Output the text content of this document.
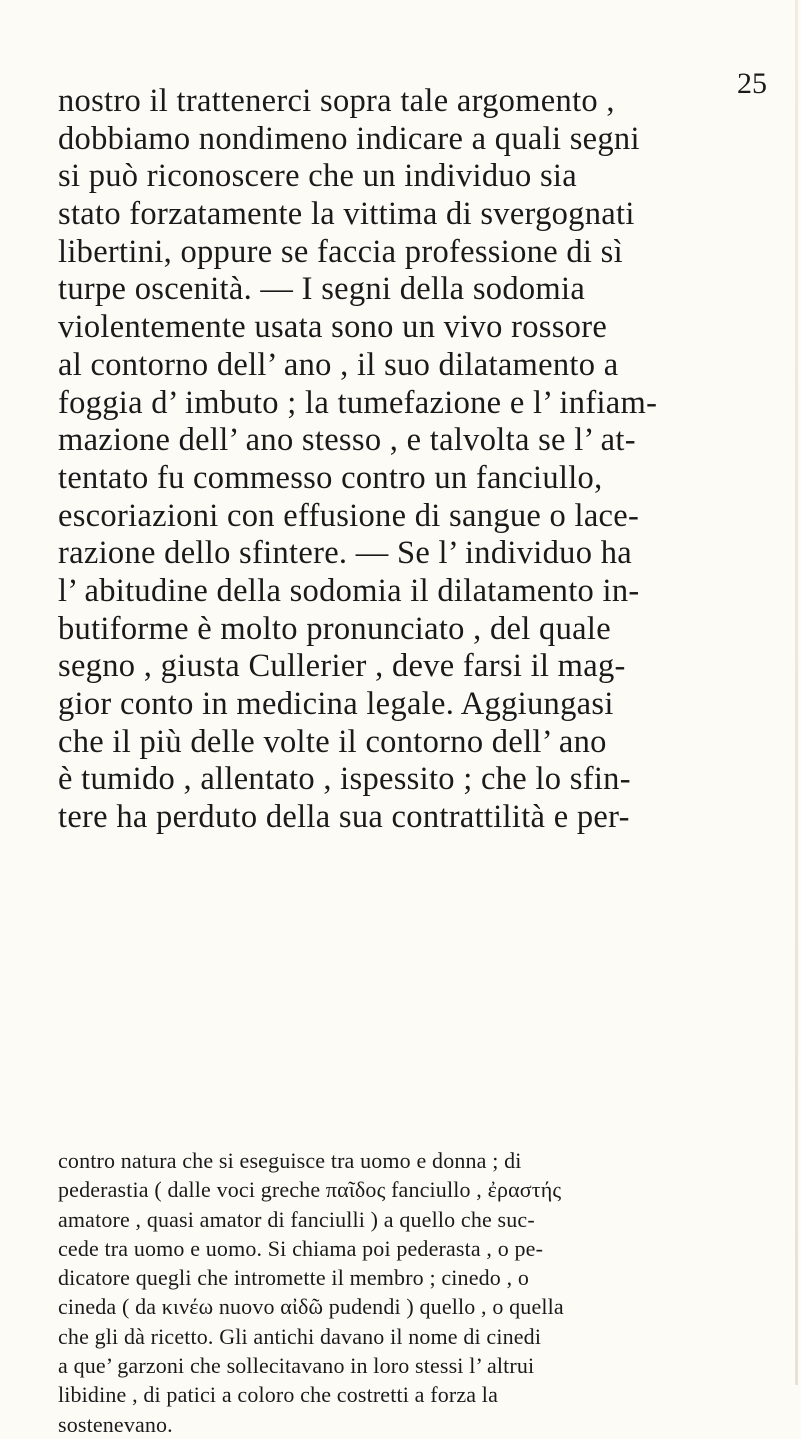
25
nostro il trattenerci sopra tale argomento ,
dobbiamo nondimeno indicare a quali segni
si può riconoscere che un individuo sia
stato forzatamente la vittima di svergognati
libertini, oppure se faccia professione di sì
turpe oscenità. — I segni della sodomia
violentemente usata sono un vivo rossore
al contorno dell’ ano , il suo dilatamento a
foggia d’ imbuto ; la tumefazione e l’ infiam-
mazione dell’ ano stesso , e talvolta se l’ at-
tentato fu commesso contro un fanciullo,
escoriazioni con effusione di sangue o lace-
razione dello sfintere. — Se l’ individuo ha
l’ abitudine della sodomia il dilatamento in-
butiforme è molto pronunciato , del quale
segno , giusta Cullerier , deve farsi il mag-
gior conto in medicina legale. Aggiungasi
che il più delle volte il contorno dell’ ano
è tumido , allentato , ispessito ; che lo sfin-
tere ha perduto della sua contrattilità e per-
contro natura che si eseguisce tra uomo e donna ; di
pederastia ( dalle voci greche παῖδος fanciullo , ἐραστής
amatore , quasi amator di fanciulli ) a quello che suc-
cede tra uomo e uomo. Si chiama poi pederasta , o pe-
dicatore quegli che intromette il membro ; cinedo , o
cineda ( da κινέω nuovo αἰδῶ pudendi ) quello , o quella
che gli dà ricetto. Gli antichi davano il nome di cinedi
a que’ garzoni che sollecitavano in loro stessi l’ altrui
libidine , di patici a coloro che costretti a forza la
sostenevano.
